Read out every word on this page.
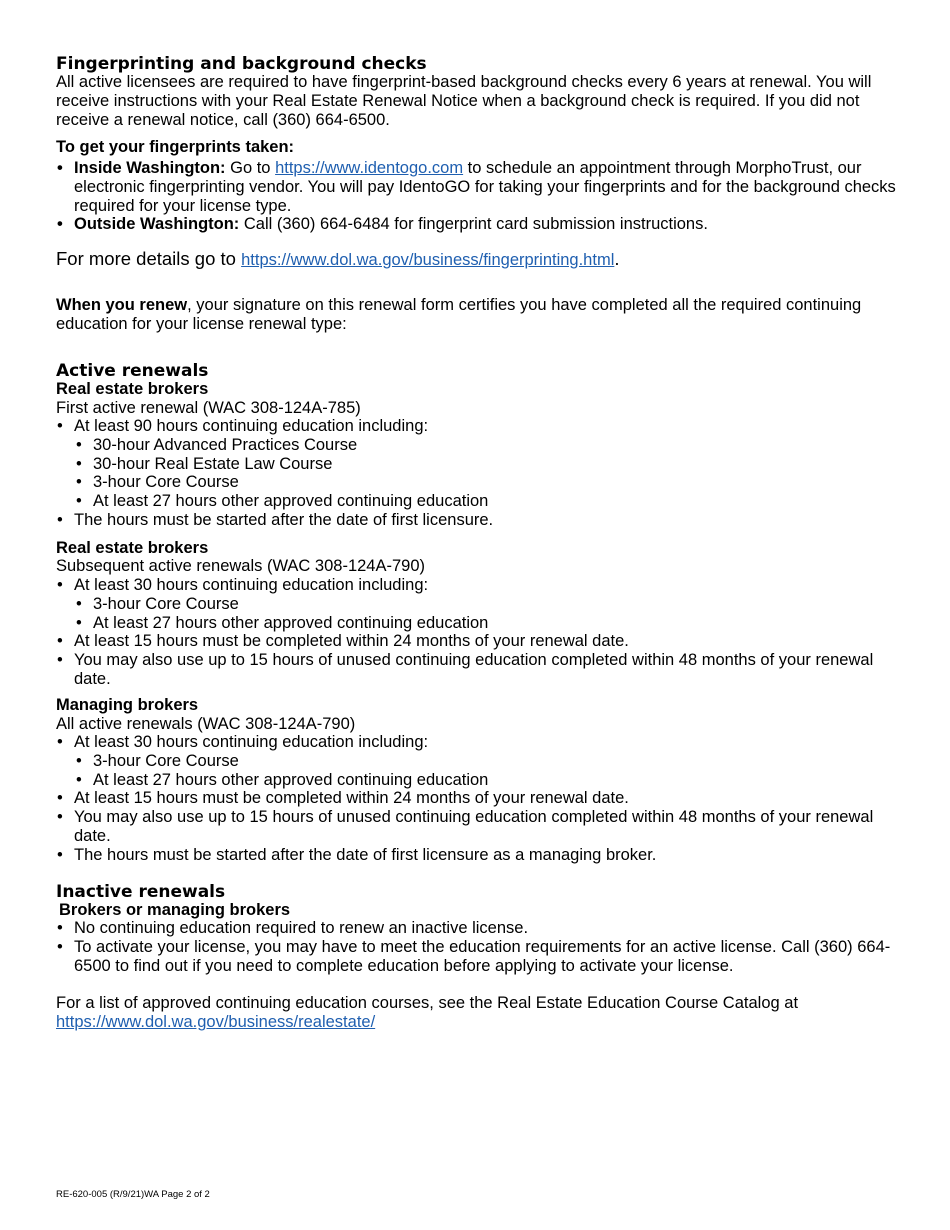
Fingerprinting and background checks
All active licensees are required to have fingerprint-based background checks every 6 years at renewal. You will receive instructions with your Real Estate Renewal Notice when a background check is required. If you did not receive a renewal notice, call (360) 664-6500.
To get your fingerprints taken:
• Inside Washington: Go to https://www.identogo.com to schedule an appointment through MorphoTrust, our electronic fingerprinting vendor. You will pay IdentoGO for taking your fingerprints and for the background checks required for your license type.
• Outside Washington: Call (360) 664-6484 for fingerprint card submission instructions.
For more details go to https://www.dol.wa.gov/business/fingerprinting.html.
When you renew, your signature on this renewal form certifies you have completed all the required continuing education for your license renewal type:
Active renewals
Real estate brokers
First active renewal (WAC 308-124A-785)
• At least 90 hours continuing education including:
• 30-hour Advanced Practices Course
• 30-hour Real Estate Law Course
• 3-hour Core Course
• At least 27 hours other approved continuing education
• The hours must be started after the date of first licensure.
Real estate brokers
Subsequent active renewals (WAC 308-124A-790)
• At least 30 hours continuing education including:
• 3-hour Core Course
• At least 27 hours other approved continuing education
• At least 15 hours must be completed within 24 months of your renewal date.
• You may also use up to 15 hours of unused continuing education completed within 48 months of your renewal date.
Managing brokers
All active renewals (WAC 308-124A-790)
• At least 30 hours continuing education including:
• 3-hour Core Course
• At least 27 hours other approved continuing education
• At least 15 hours must be completed within 24 months of your renewal date.
• You may also use up to 15 hours of unused continuing education completed within 48 months of your renewal date.
• The hours must be started after the date of first licensure as a managing broker.
Inactive renewals
Brokers or managing brokers
• No continuing education required to renew an inactive license.
• To activate your license, you may have to meet the education requirements for an active license. Call (360) 664-6500 to find out if you need to complete education before applying to activate your license.
For a list of approved continuing education courses, see the Real Estate Education Course Catalog at
https://www.dol.wa.gov/business/realestate/
RE-620-005 (R/9/21)WA Page 2 of 2
